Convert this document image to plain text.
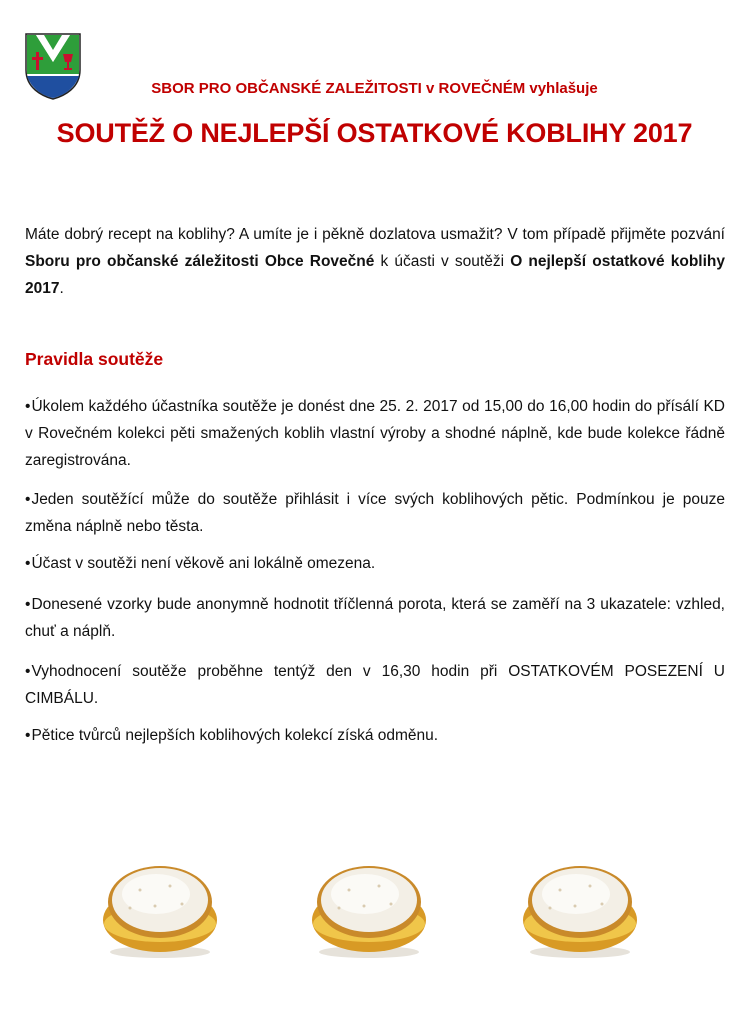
SBOR PRO OBČANSKÉ ZALEŽITOSTI v ROVEČNÉM vyhlašuje
SOUTĚŽ O NEJLEPŠÍ OSTATKOVÉ KOBLIHY 2017

Máte dobrý recept na koblihy? A umíte je i pěkně dozlatova usmažit? V tom případě přijměte pozvání Sboru pro občanské záležitosti Obce Rovečné k účasti v soutěži O nejlepší ostatkové koblihy 2017.

Pravidla soutěže

•Úkolem každého účastníka soutěže je donést dne 25. 2. 2017 od 15,00 do 16,00 hodin do přísálí KD v Rovečném kolekci pěti smažených koblih vlastní výroby a shodné náplně, kde bude kolekce řádně zaregistrována.

•Jeden soutěžící může do soutěže přihlásit i více svých koblihových pětic. Podmínkou je pouze změna náplně nebo těsta.

•Účast v soutěži není věkově ani lokálně omezena.

•Donesené vzorky bude anonymně hodnotit tříčlenná porota, která se zaměří na 3 ukazatele: vzhled, chuť a náplň.

•Vyhodnocení soutěže proběhne tentýž den v 16,30 hodin při OSTATKOVÉM POSEZENÍ U CIMBÁLU.

•Pětice tvůrců nejlepších koblihových kolekcí získá odměnu.
